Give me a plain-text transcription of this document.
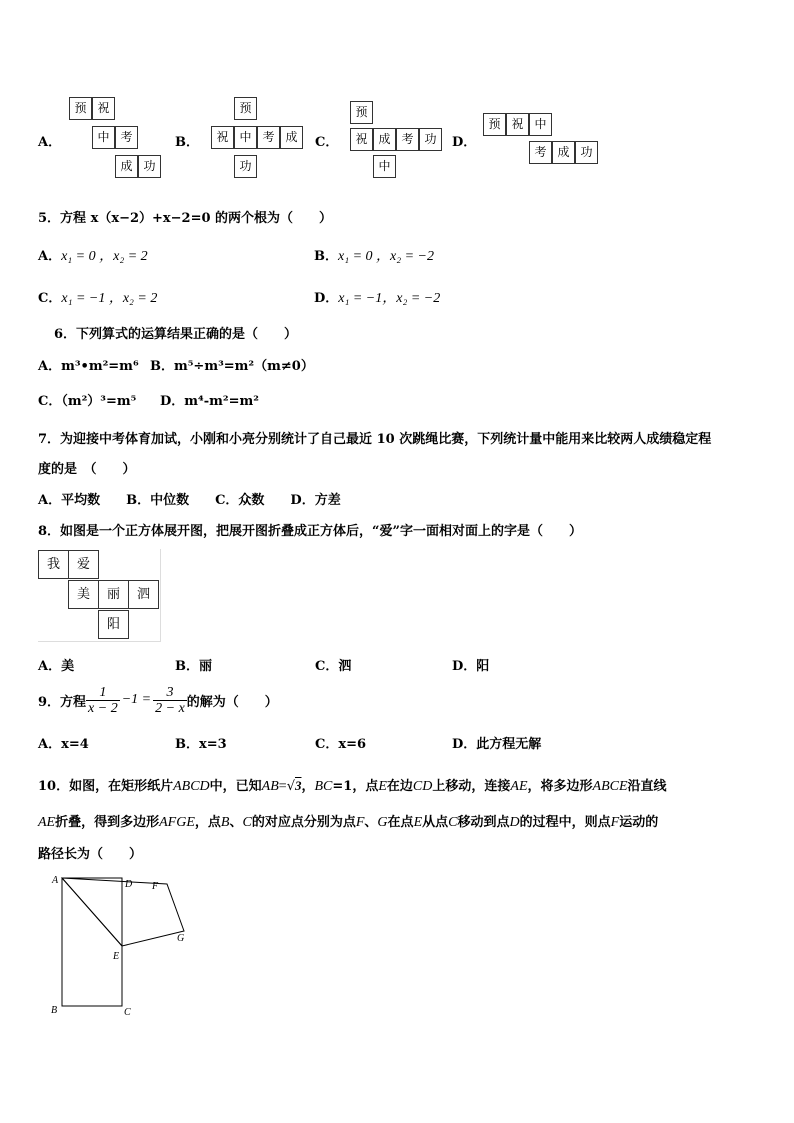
A．
预 祝
中 考
成 功
B．
预
祝 中 考 成
功
C．
预
祝 成 考 功
中
D．
预 祝 中
考 成 功
5．方程 x（x−2）+x−2=0 的两个根为（　　）
A．x₁ = 0 ，x₂ = 2	B．x₁ = 0 ，x₂ = −2
C．x₁ = −1 ，x₂ = 2	D．x₁ = −1，x₂ = −2
6．下列算式的运算结果正确的是（　　）
A．m³•m²=m⁶ B．m⁵÷m³=m²（m≠0）
C．（m²）³=m⁵ D．m⁴-m²=m²
7．为迎接中考体育加试，小刚和小亮分别统计了自己最近 10 次跳绳比赛，下列统计量中能用来比较两人成绩稳定程
度的是　（　　）
A．平均数　　B．中位数　　C．众数　　D．方差
8．如图是一个正方体展开图，把展开图折叠成正方体后，“爱”字一面相对面上的字是（　　）
我	爱
美	丽	泗
阳
A．美	B．丽	C．泗	D．阳
9．方程 $\frac{1}{x - 2} -1 = \frac{3}{2 - x}$ 的解为（　　）
A．x=4	B．x=3	C．x=6	D．此方程无解
10．如图，在矩形纸片ABCD中，已知AB=√3，BC=1，点E在边CD上移动，连接AE，将多边形ABCE沿直线
AE折叠，得到多边形AFGE，点B、C的对应点分别为点F、G在点E从点C移动到点D的过程中，则点F运动的
路径长为（　　）
A	D F
G
E
B	C
